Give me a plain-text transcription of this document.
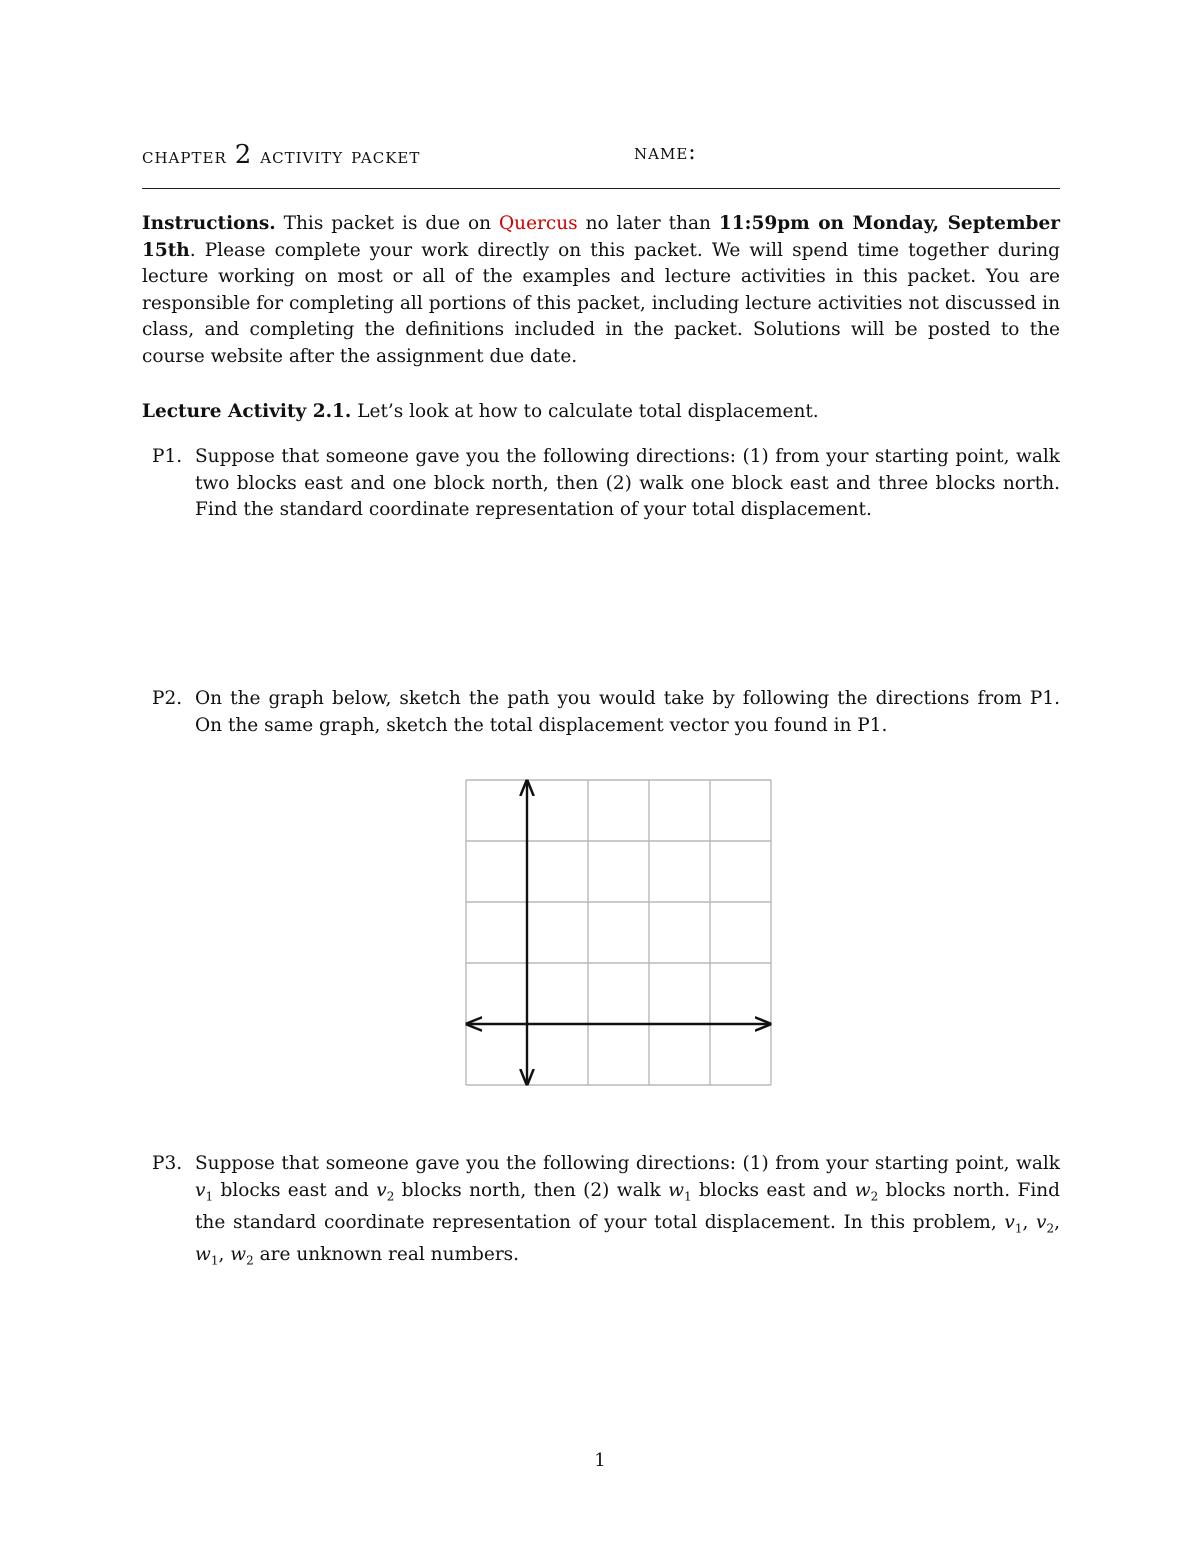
chapter 2 activity packet	name:
Instructions. This packet is due on Quercus no later than 11:59pm on Monday, September 15th. Please complete your work directly on this packet. We will spend time together during lecture working on most or all of the examples and lecture activities in this packet. You are responsible for completing all portions of this packet, including lecture activities not discussed in class, and completing the definitions included in the packet. Solutions will be posted to the course website after the assignment due date.
Lecture Activity 2.1. Let’s look at how to calculate total displacement.
P1. Suppose that someone gave you the following directions: (1) from your starting point, walk two blocks east and one block north, then (2) walk one block east and three blocks north. Find the standard coordinate representation of your total displacement.
P2. On the graph below, sketch the path you would take by following the directions from P1. On the same graph, sketch the total displacement vector you found in P1.
P3. Suppose that someone gave you the following directions: (1) from your starting point, walk $v_1$ blocks east and $v_2$ blocks north, then (2) walk $w_1$ blocks east and $w_2$ blocks north. Find the standard coordinate representation of your total displacement. In this problem, $v_1$, $v_2$, $w_1$, $w_2$ are unknown real numbers.
1
